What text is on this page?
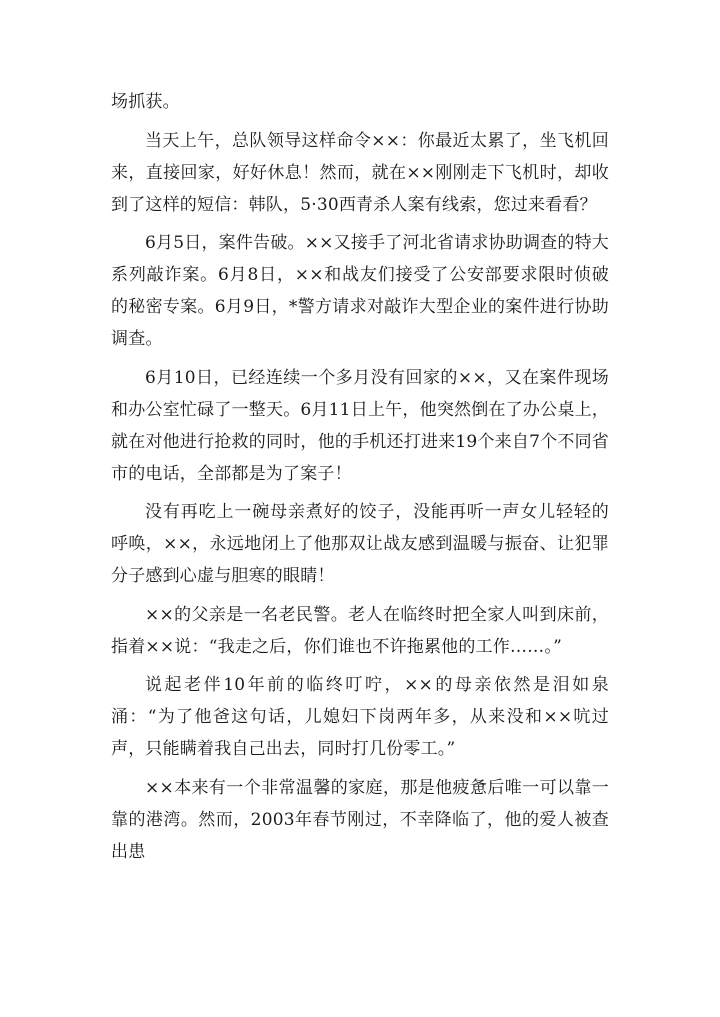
场抓获。

当天上午，总队领导这样命令××：你最近太累了，坐飞机回来，直接回家，好好休息！然而，就在××刚刚走下飞机时，却收到了这样的短信：韩队，5·30西青杀人案有线索，您过来看看？

6月5日，案件告破。××又接手了河北省请求协助调查的特大系列敲诈案。6月8日，××和战友们接受了公安部要求限时侦破的秘密专案。6月9日，*警方请求对敲诈大型企业的案件进行协助调查。

6月10日，已经连续一个多月没有回家的××，又在案件现场和办公室忙碌了一整天。6月11日上午，他突然倒在了办公桌上，就在对他进行抢救的同时，他的手机还打进来19个来自7个不同省市的电话，全部都是为了案子！

没有再吃上一碗母亲煮好的饺子，没能再听一声女儿轻轻的呼唤，××，永远地闭上了他那双让战友感到温暖与振奋、让犯罪分子感到心虚与胆寒的眼睛！

××的父亲是一名老民警。老人在临终时把全家人叫到床前，指着××说：“我走之后，你们谁也不许拖累他的工作……。”

说起老伴10年前的临终叮咛，××的母亲依然是泪如泉涌：“为了他爸这句话，儿媳妇下岗两年多，从来没和××吭过声，只能瞒着我自己出去，同时打几份零工。”

××本来有一个非常温馨的家庭，那是他疲惫后唯一可以靠一靠的港湾。然而，2003年春节刚过，不幸降临了，他的爱人被查出患
